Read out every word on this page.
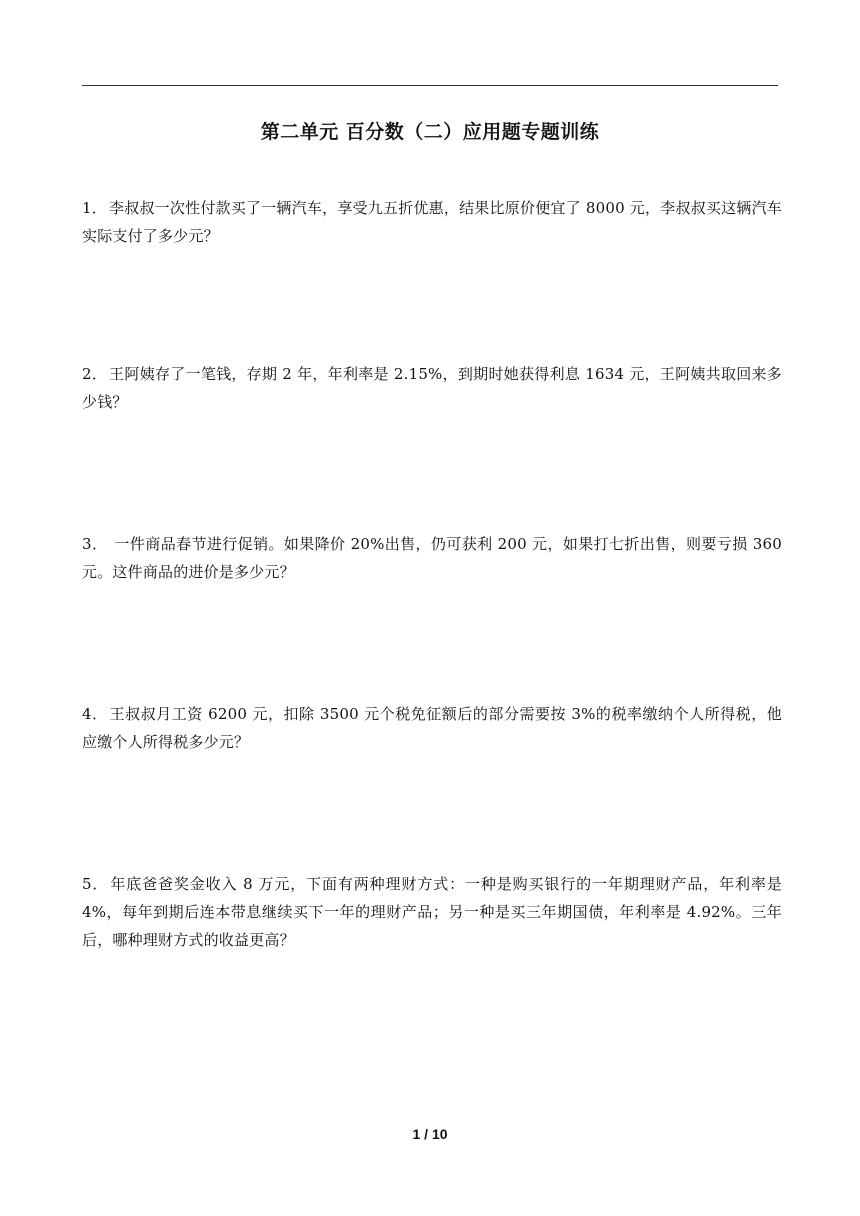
第二单元 百分数（二）应用题专题训练
1． 李叔叔一次性付款买了一辆汽车，享受九五折优惠，结果比原价便宜了 8000 元，李叔叔买这辆汽车实际支付了多少元？
2． 王阿姨存了一笔钱，存期 2 年，年利率是 2.15%，到期时她获得利息 1634 元，王阿姨共取回来多少钱？
3． 一件商品春节进行促销。如果降价 20%出售，仍可获利 200 元，如果打七折出售，则要亏损 360 元。这件商品的进价是多少元？
4． 王叔叔月工资 6200 元，扣除 3500 元个税免征额后的部分需要按 3%的税率缴纳个人所得税，他应缴个人所得税多少元？
5． 年底爸爸奖金收入 8 万元，下面有两种理财方式：一种是购买银行的一年期理财产品，年利率是 4%，每年到期后连本带息继续买下一年的理财产品；另一种是买三年期国债，年利率是 4.92%。三年后，哪种理财方式的收益更高？
1 / 10
